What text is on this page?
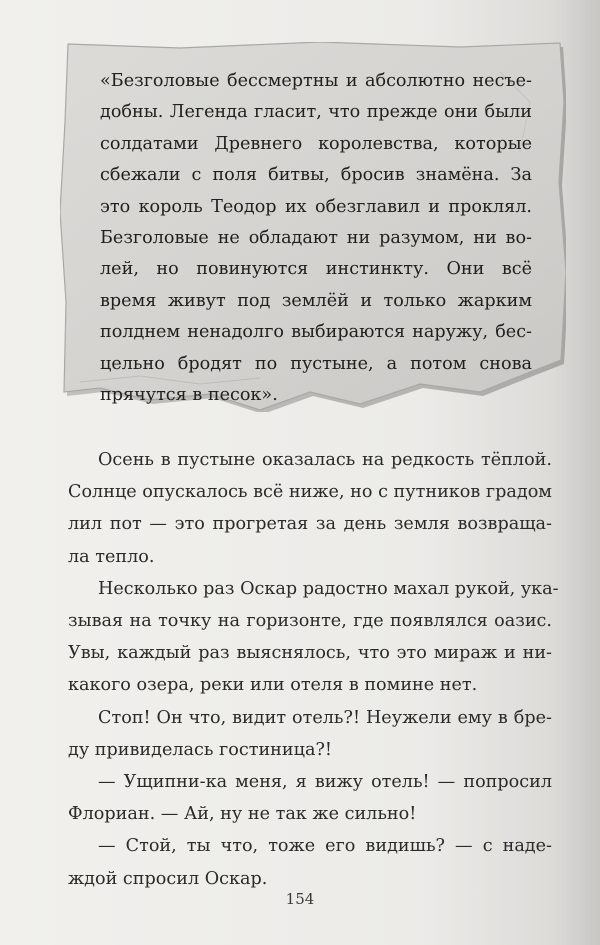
«Безголовые бессмертны и абсолютно несъе-
добны. Легенда гласит, что прежде они были
солдатами Древнего королевства, которые
сбежали с поля битвы, бросив знамёна. За
это король Теодор их обезглавил и проклял.
Безголовые не обладают ни разумом, ни во-
лей, но повинуются инстинкту. Они всё
время живут под землёй и только жарким
полднем ненадолго выбираются наружу, бес-
цельно бродят по пустыне, а потом снова
прячутся в песок».
Осень в пустыне оказалась на редкость тёплой.
Солнце опускалось всё ниже, но с путников градом
лил пот — это прогретая за день земля возвраща-
ла тепло.
Несколько раз Оскар радостно махал рукой, ука-
зывая на точку на горизонте, где появлялся оазис.
Увы, каждый раз выяснялось, что это мираж и ни-
какого озера, реки или отеля в помине нет.
Стоп! Он что, видит отель?! Неужели ему в бре-
ду привиделась гостиница?!
— Ущипни-ка меня, я вижу отель! — попросил
Флориан. — Ай, ну не так же сильно!
— Стой, ты что, тоже его видишь? — с надe-
ждой спросил Оскар.
154
